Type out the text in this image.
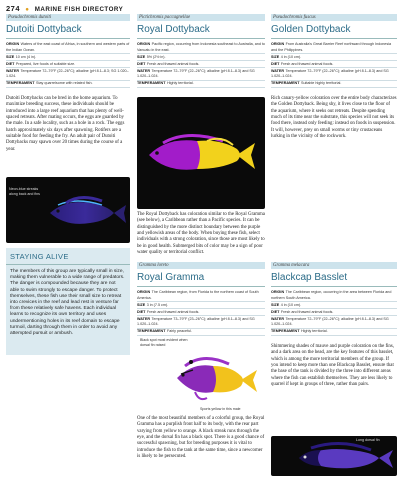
274 ● MARINE FISH DIRECTORY
Pseudochromis dutoiti
Dutoiti Dottyback
ORIGIN Waters of the east coast of Africa, in southern and western parts of the Indian Ocean.
SIZE 10 cm (4 in).
DIET Prepared, live foods of suitable size.
WATER Temperature 72–79°F (22–26°C); alkaline (pH 8.1–8.3; SG 1.020–1.024.
TEMPERAMENT Stay quarrelsome with related fish.
Dutoiti Dottybacks can be bred in the home aquarium. To maximize breeding success, these individuals should be introduced into a large reef aquarium that has plenty of well-spaced retreats. After mating occurs, the eggs are guarded by the male. In a safe locality, such as a hole in a rock. The eggs hatch approximately six days after spawning. Rotifers are a suitable food for feeding the fry. An adult pair of Dutoiti Dottybacks may spawn over 20 times during the course of a year.
Neon-blue streaks along back and fins
STAYING ALIVE
The members of this group are typically small in size, making them vulnerable to a wide range of predators. The danger is compounded because they are not able to swim strongly to escape danger. To protect themselves, these fish use their small size to retreat into crevices in the reef and lead rest in venture far from these relatively safe havens. Each individual learns to recognize its own territory and uses undermentioning holes in its reef domain to escape turmoil, darting through them in order to avoid any attempted pursuit or ambush.
Pictichromis paccagnellae
Royal Dottyback
ORIGIN Pacific region, occurring from Indonesia southeast to Australia, and to Vanuatu in the east.
SIZE 5% (2½ in).
DIET Fresh and thawed animal foods.
WATER Temperature 72–79°F (22–26°C); alkaline (pH 8.1–8.3) and SG 1.020–1.024.
TEMPERAMENT Highly territorial.
The Royal Dottyback has coloration similar to the Royal Gramma (see below), a Caribbean rather than a Pacific species. It can be distinguished by the more distinct boundary between the purple and yellowish areas of the body. When buying these fish, select individuals with a strong coloration, since those are most likely to be in good health. Submerged bits of color may be a sign of poor water quality or territorial conflict.
Pseudochromis fuscus
Golden Dottyback
ORIGIN From Australia's Great Barrier Reef northward through Indonesia and the Philippines.
SIZE 4 in (10 cm).
DIET Fresh and thawed animal foods.
WATER Temperature 72–79°F (22–26°C); alkaline (pH 8.1–8.3) and SG 1.020–1.024.
TEMPERAMENT Suitable highly territorial.
Rich canary-yellow coloration over the entire body characterizes the Golden Dottyback. Being shy, it lives close to the floor of the aquarium, where it seeks out retreats. Despite spending much of its time near the substrate, this species will not seek its food there, instead only feeding: instead on foods in suspension. It will, however, prey on small worms or tiny crustaceans lurking in the vicinity of the rockwork.
Gramma loreto
Royal Gramma
ORIGIN The Caribbean region, from Florida to the northern coast of South America.
SIZE 3 in (7.5 cm).
DIET Fresh and thawed animal foods.
WATER Temperature 73–79°F (23–26°C); alkaline (pH 8.1–8.3) and SG 1.020–1.024.
TEMPERAMENT Fairly peaceful.
Black spot most evident when dorsal fin raised
Sports yellow in this male
One of the most beautiful members of a colorful group, the Royal Gramma has a purplish front half to its body, with the rear part varying from yellow to orange. A black streak runs through the eye, and the dorsal fin has a black spot. There is a good chance of successful spawning, but for breeding purposes it is vital to introduce the fish to the tank at the same time, since a newcomer is likely to be persecuted.
Gramma melacara
Blackcap Basslet
ORIGIN The Caribbean region, occurring in the area between Florida and northern South America.
SIZE 4 in (10 cm).
DIET Fresh and thawed animal foods.
WATER Temperature 72–79°F (22–26°C); alkaline (pH 8.1–8.3) and SG 1.020–1.024.
TEMPERAMENT Highly territorial.
Shimmering shades of mauve and purple coloration on the fins, and a dark area on the head, are the key features of this basslet, which is among the more territorial members of the group. If you intend to keep more than one Blackcap Basslet, ensure that the base of the tank is divided by the three into different areas where the fish can establish themselves. They are less likely to quarrel if kept in groups of three, rather than pairs.
Long dorsal fin
